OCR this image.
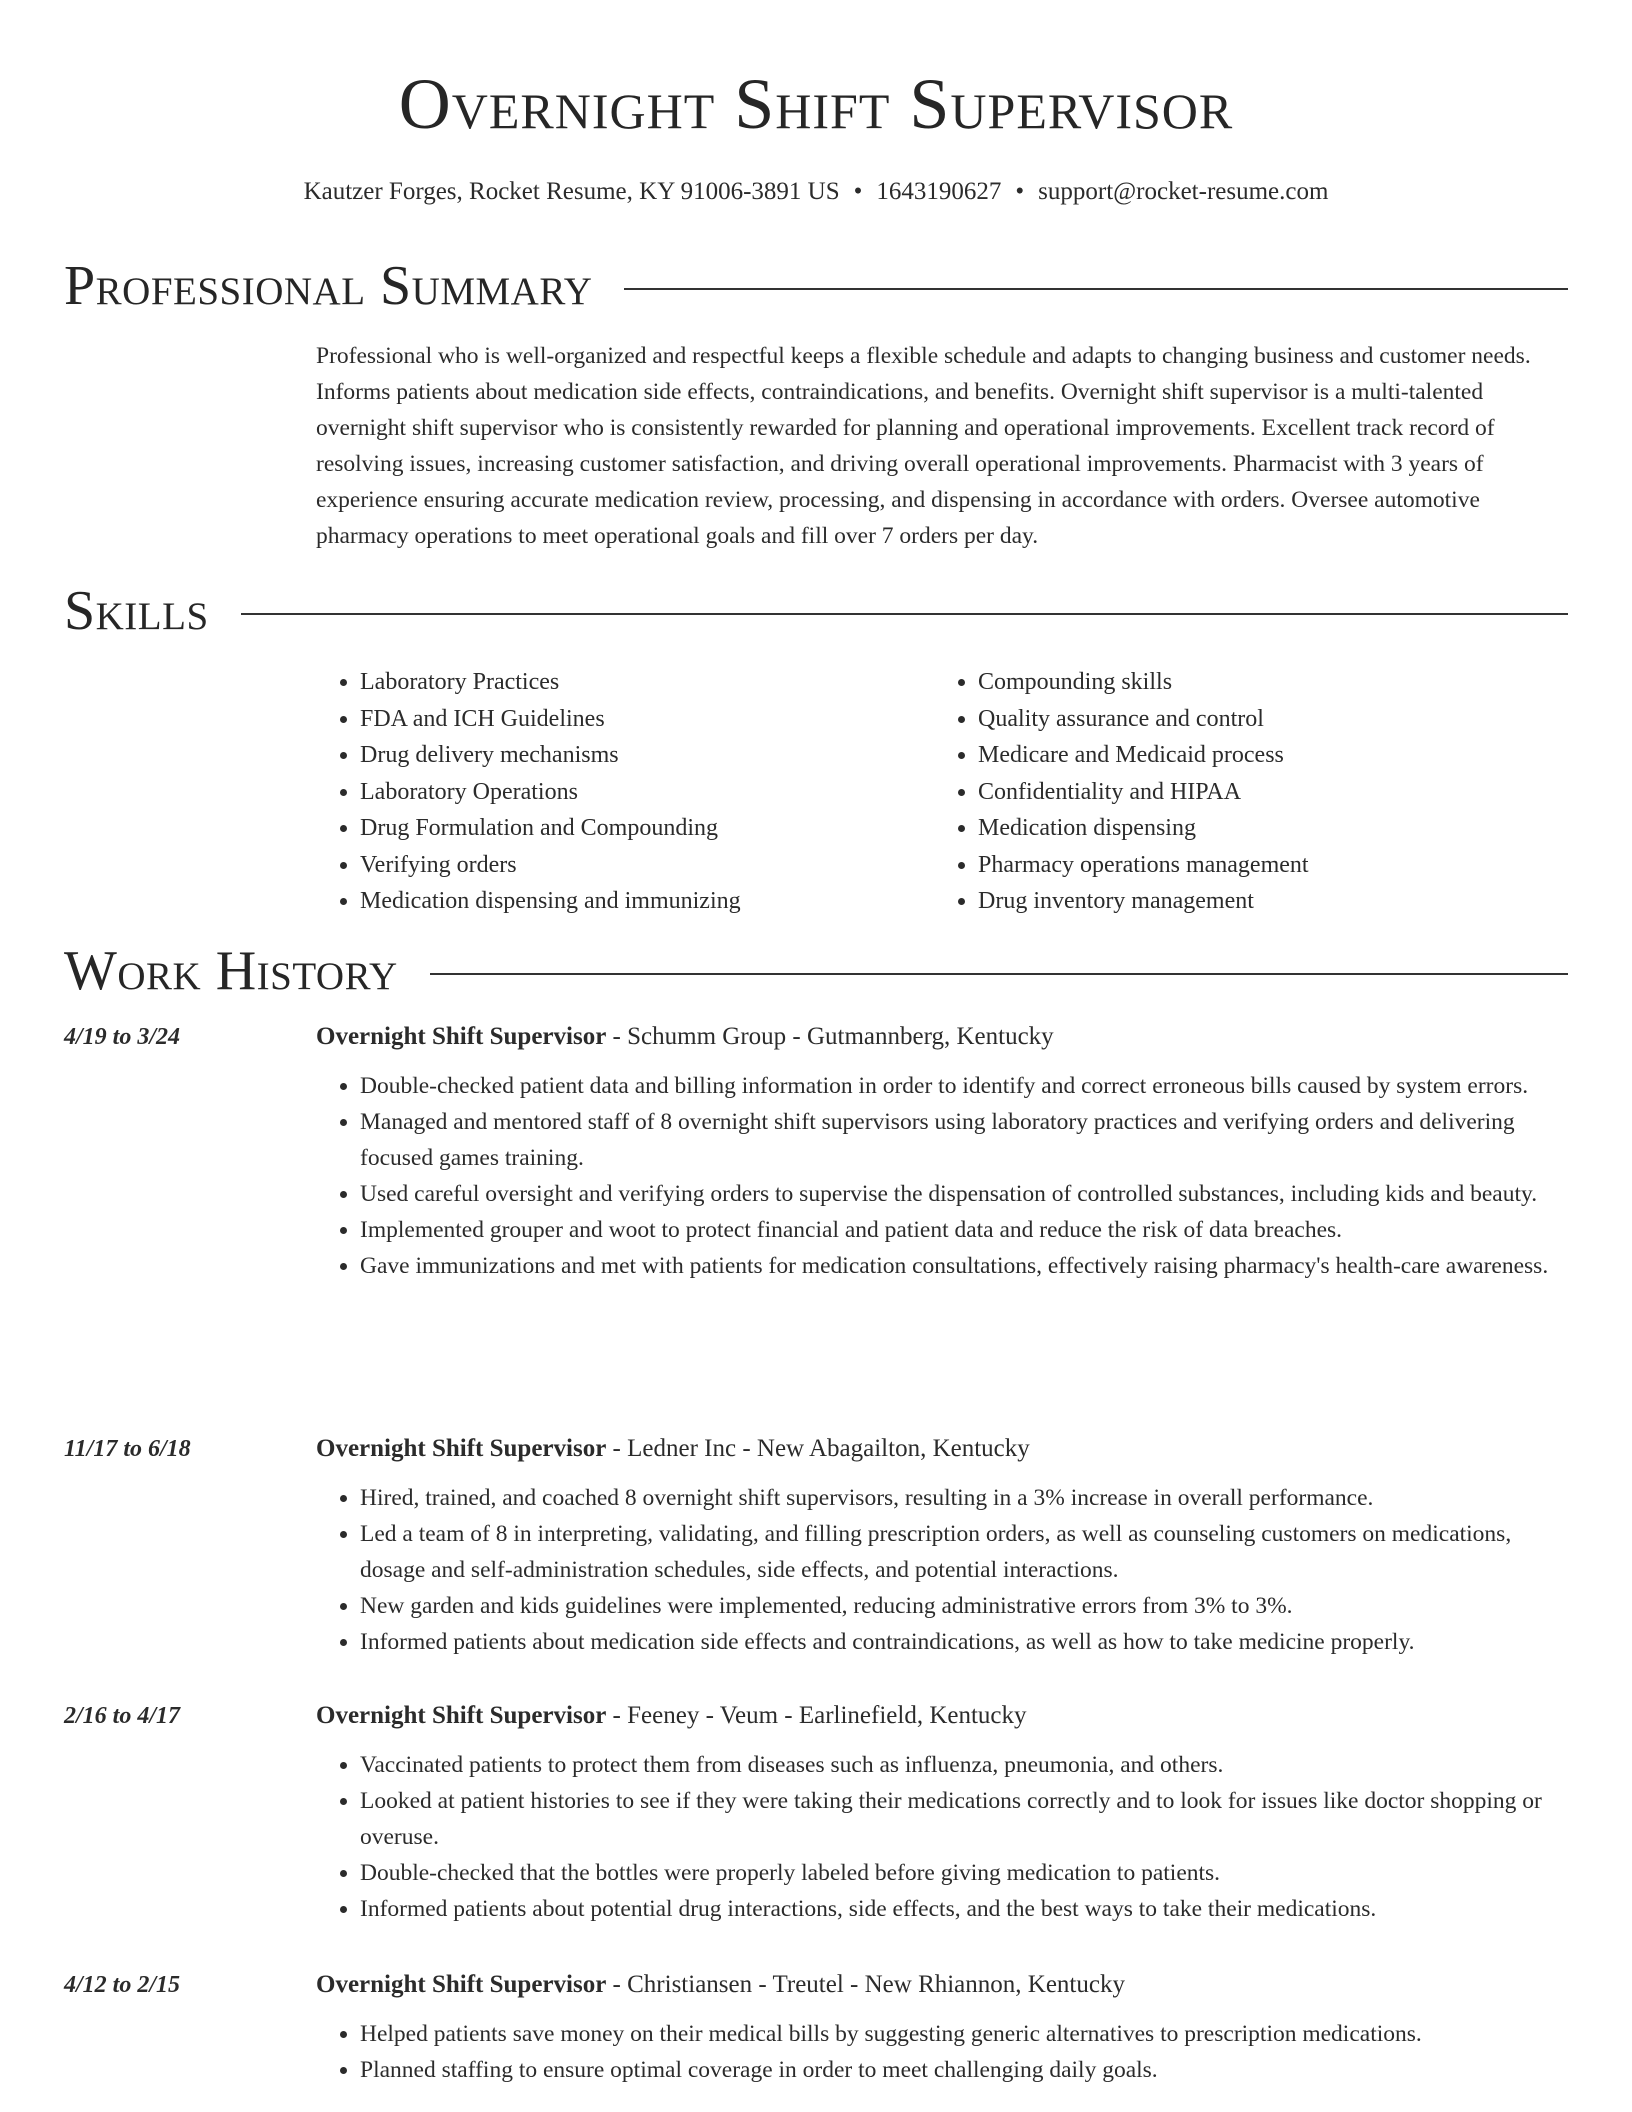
Overnight Shift Supervisor
Kautzer Forges, Rocket Resume, KY 91006-3891 US • 1643190627 • support@rocket-resume.com
Professional Summary

Professional who is well-organized and respectful keeps a flexible schedule and adapts to changing business and customer needs. Informs patients about medication side effects, contraindications, and benefits. Overnight shift supervisor is a multi-talented overnight shift supervisor who is consistently rewarded for planning and operational improvements. Excellent track record of resolving issues, increasing customer satisfaction, and driving overall operational improvements. Pharmacist with 3 years of experience ensuring accurate medication review, processing, and dispensing in accordance with orders. Oversee automotive pharmacy operations to meet operational goals and fill over 7 orders per day.

Skills
• Laboratory Practices
• FDA and ICH Guidelines
• Drug delivery mechanisms
• Laboratory Operations
• Drug Formulation and Compounding
• Verifying orders
• Medication dispensing and immunizing
• Compounding skills
• Quality assurance and control
• Medicare and Medicaid process
• Confidentiality and HIPAA
• Medication dispensing
• Pharmacy operations management
• Drug inventory management
Work History
4/19 to 3/24	Overnight Shift Supervisor - Schumm Group - Gutmannberg, Kentucky
• Double-checked patient data and billing information in order to identify and correct erroneous bills caused by system errors.
• Managed and mentored staff of 8 overnight shift supervisors using laboratory practices and verifying orders and delivering focused games training.
• Used careful oversight and verifying orders to supervise the dispensation of controlled substances, including kids and beauty.
• Implemented grouper and woot to protect financial and patient data and reduce the risk of data breaches.
• Gave immunizations and met with patients for medication consultations, effectively raising pharmacy's health-care awareness.
11/17 to 6/18	Overnight Shift Supervisor - Ledner Inc - New Abagailton, Kentucky
• Hired, trained, and coached 8 overnight shift supervisors, resulting in a 3% increase in overall performance.
• Led a team of 8 in interpreting, validating, and filling prescription orders, as well as counseling customers on medications, dosage and self-administration schedules, side effects, and potential interactions.
• New garden and kids guidelines were implemented, reducing administrative errors from 3% to 3%.
• Informed patients about medication side effects and contraindications, as well as how to take medicine properly.
2/16 to 4/17	Overnight Shift Supervisor - Feeney - Veum - Earlinefield, Kentucky
• Vaccinated patients to protect them from diseases such as influenza, pneumonia, and others.
• Looked at patient histories to see if they were taking their medications correctly and to look for issues like doctor shopping or overuse.
• Double-checked that the bottles were properly labeled before giving medication to patients.
• Informed patients about potential drug interactions, side effects, and the best ways to take their medications.
4/12 to 2/15	Overnight Shift Supervisor - Christiansen - Treutel - New Rhiannon, Kentucky
• Helped patients save money on their medical bills by suggesting generic alternatives to prescription medications.
• Planned staffing to ensure optimal coverage in order to meet challenging daily goals.
